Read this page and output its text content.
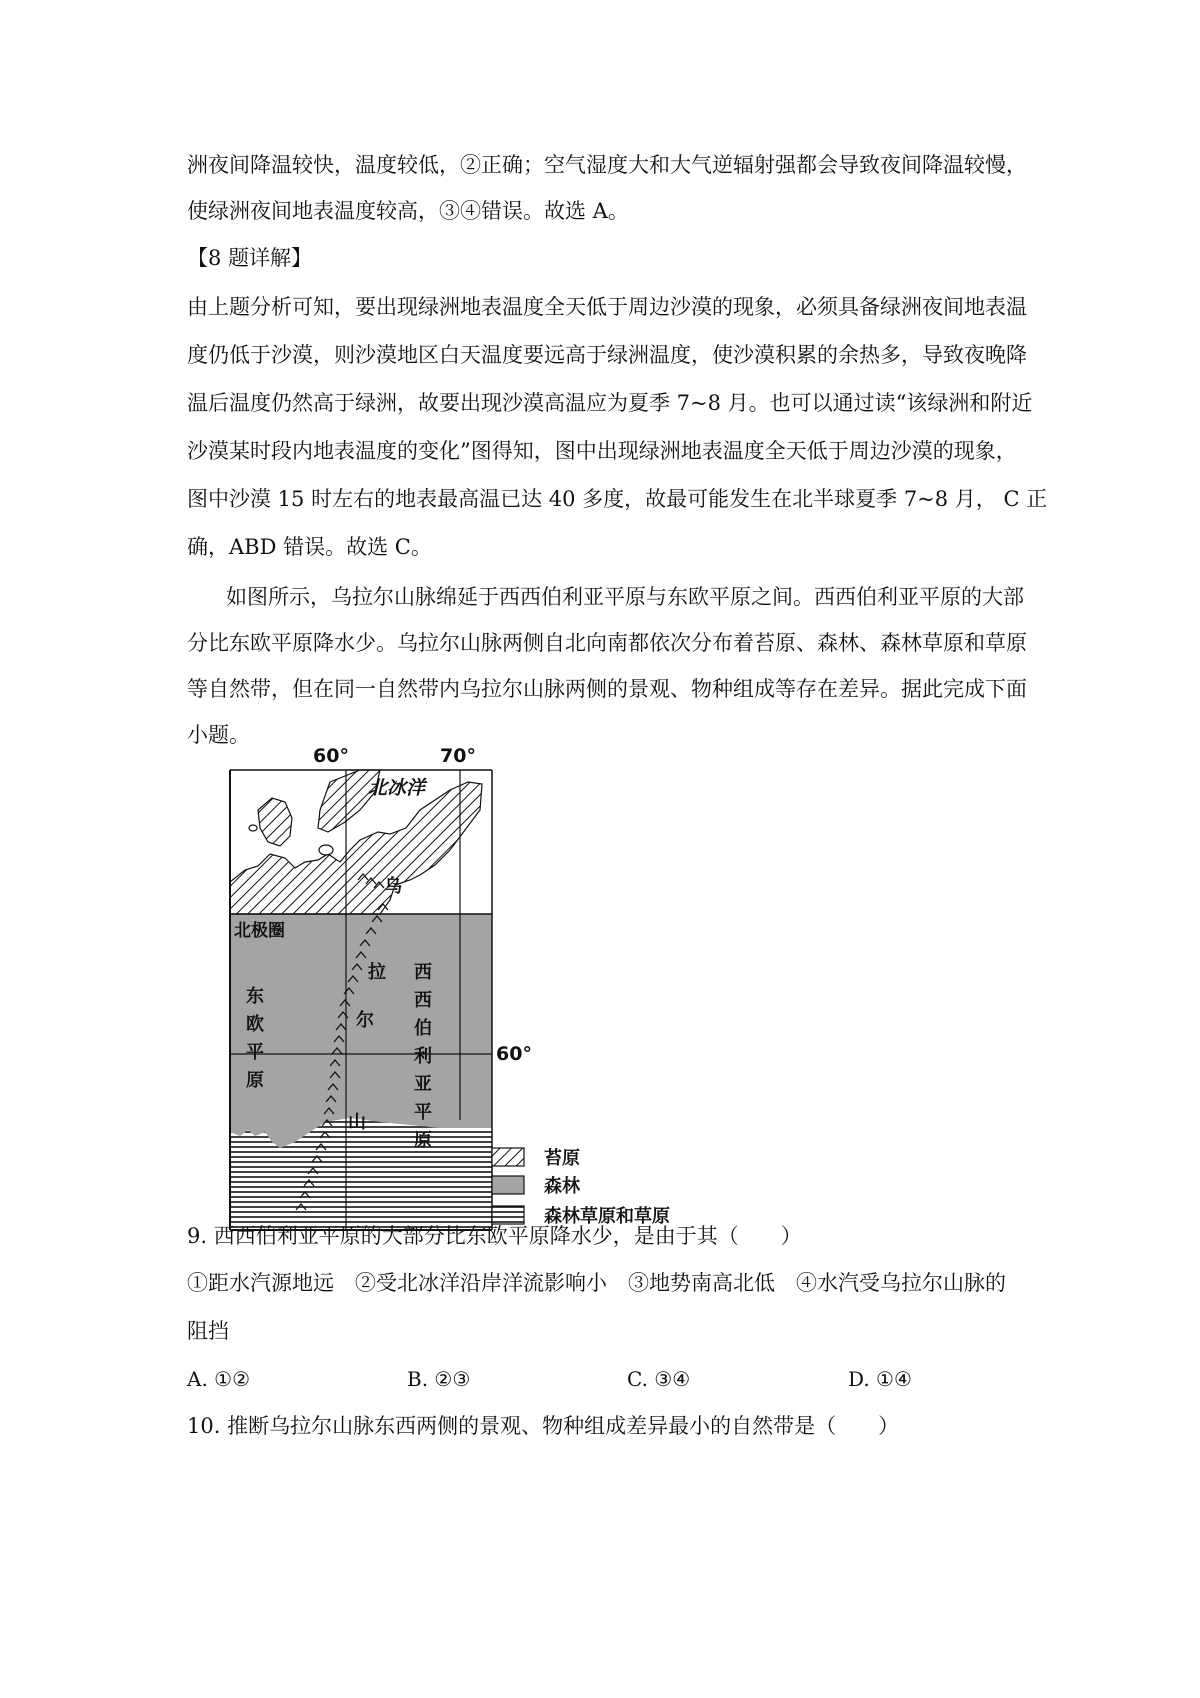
洲夜间降温较快，温度较低，②正确；空气湿度大和大气逆辐射强都会导致夜间降温较慢，
使绿洲夜间地表温度较高，③④错误。故选 A。
【8 题详解】
由上题分析可知，要出现绿洲地表温度全天低于周边沙漠的现象，必须具备绿洲夜间地表温
度仍低于沙漠，则沙漠地区白天温度要远高于绿洲温度，使沙漠积累的余热多，导致夜晚降
温后温度仍然高于绿洲，故要出现沙漠高温应为夏季 7~8 月。也可以通过读“该绿洲和附近
沙漠某时段内地表温度的变化”图得知，图中出现绿洲地表温度全天低于周边沙漠的现象，
图中沙漠 15 时左右的地表最高温已达 40 多度，故最可能发生在北半球夏季 7~8 月， C 正
确，ABD 错误。故选 C。
如图所示，乌拉尔山脉绵延于西西伯利亚平原与东欧平原之间。西西伯利亚平原的大部
分比东欧平原降水少。乌拉尔山脉两侧自北向南都依次分布着苔原、森林、森林草原和草原
等自然带，但在同一自然带内乌拉尔山脉两侧的景观、物种组成等存在差异。据此完成下面
小题。
60°	70°
60°
北冰洋
北极圈
东
欧
平
原
西
西
伯
利
亚
平
原
乌
拉
尔
山
苔原
森林
森林草原和草原
9. 西西伯利亚平原的大部分比东欧平原降水少，是由于其（　　）
①距水汽源地远　②受北冰洋沿岸洋流影响小　③地势南高北低　④水汽受乌拉尔山脉的
阻挡
A. ①②	B. ②③	C. ③④	D. ①④
10. 推断乌拉尔山脉东西两侧的景观、物种组成差异最小的自然带是（　　）
